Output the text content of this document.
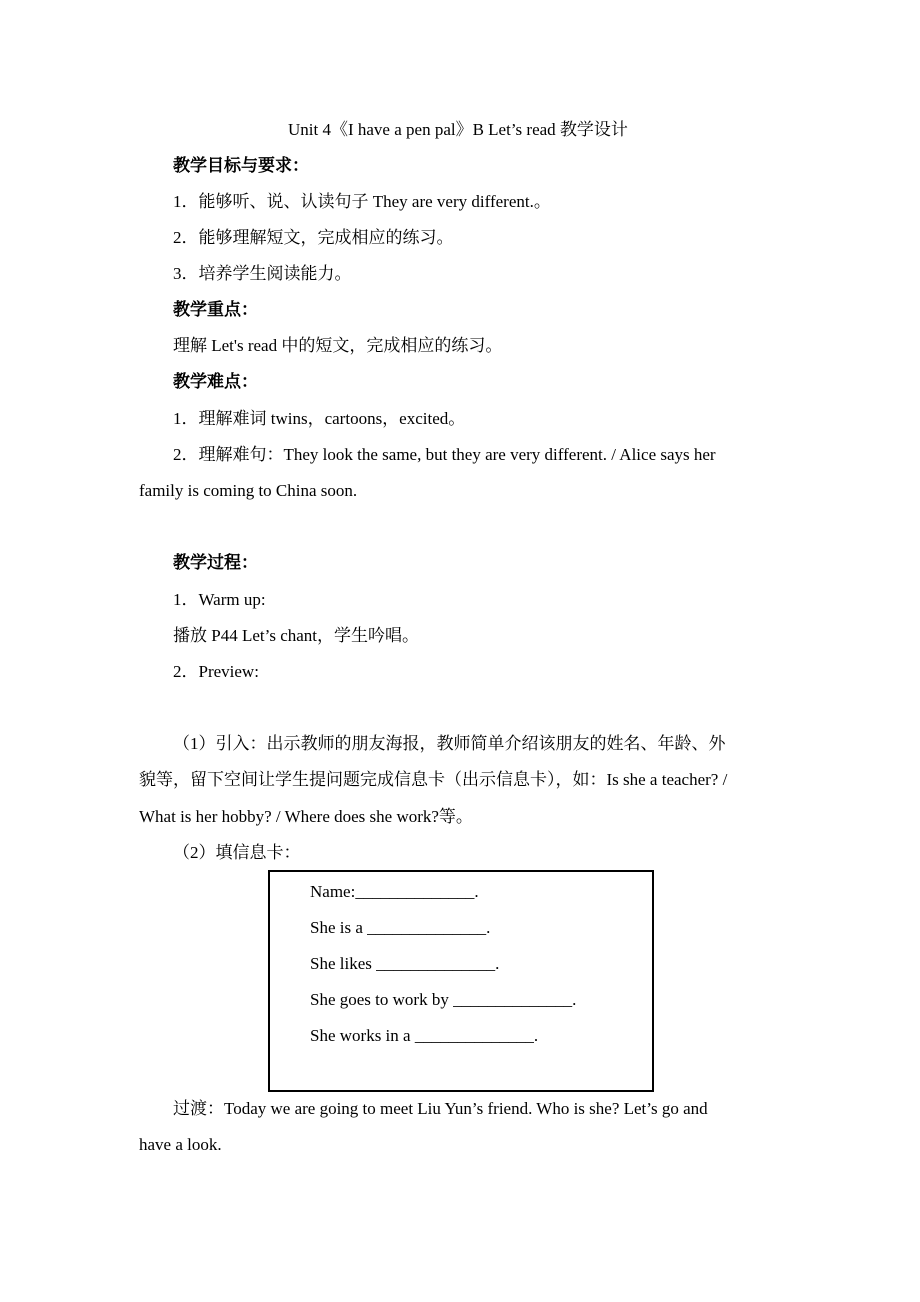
Unit 4《I have a pen pal》B Let’s read 教学设计
教学目标与要求：
1．能够听、说、认读句子 They are very different.。
2．能够理解短文，完成相应的练习。
3．培养学生阅读能力。
教学重点：
理解 Let's read 中的短文，完成相应的练习。
教学难点：
1．理解难词 twins，cartoons，excited。
2．理解难句：They look the same, but they are very different. / Alice says her
family is coming to China soon.
教学过程：
1．Warm up:
播放 P44 Let’s chant，学生吟唱。
2．Preview:
（1）引入：出示教师的朋友海报，教师简单介绍该朋友的姓名、年龄、外
貌等，留下空间让学生提问题完成信息卡（出示信息卡），如：Is she a teacher? /
What is her hobby? / Where does she work?等。
（2）填信息卡：
Name:______________.
She is a ______________.
She likes ______________.
She goes to work by ______________.
She works in a ______________.
过渡：Today we are going to meet Liu Yun’s friend. Who is she? Let’s go and
have a look.
